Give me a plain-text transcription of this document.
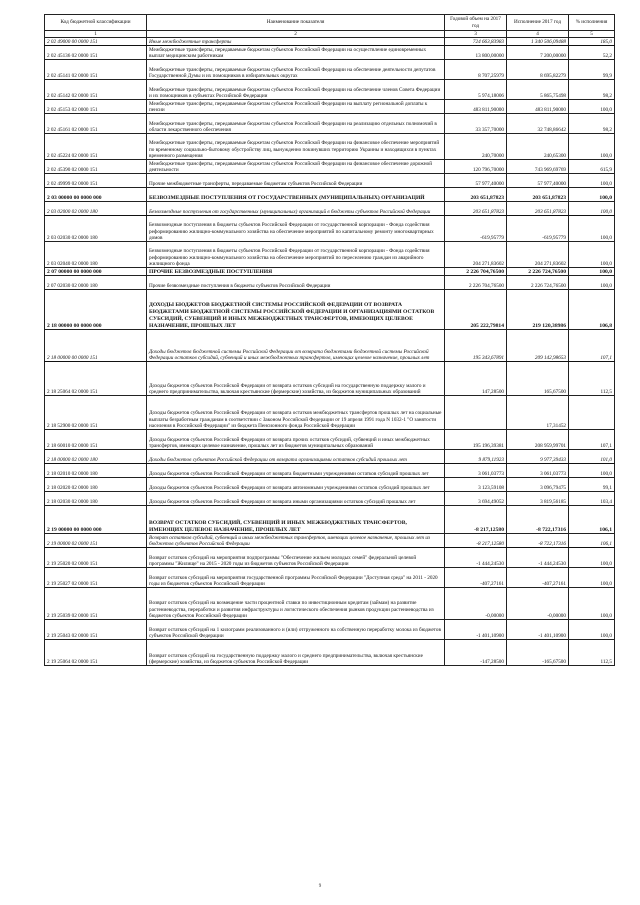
Код бюджетной классификации	Наименование показателя	Годовой объем на 2017 год	Исполнение 2017 год	% исполнения
1	2	3	4	5
2 02 49000 00 0000 151	Иные межбюджетные трансферты	724 663,83983	1 340 506,09488	185,0
2 02 45136 02 0000 151	Межбюджетные трансферты, передаваемые бюджетам субъектов Российской Федерации на осуществление единовременных выплат медицинским работникам	13 800,00000	7 200,00000	52,2
2 02 45141 02 0000 151	Межбюджетные трансферты, передаваемые бюджетам субъектов Российской Федерации на обеспечение деятельности депутатов Государственной Думы и их помощников в избирательных округах	8 707,25979	8 695,82279	99,9
2 02 45142 02 0000 151	Межбюджетные трансферты, передаваемые бюджетам субъектов Российской Федерации на обеспечение членов Совета Федерации и их помощников в субъектах Российской Федерации	5 974,18006	5 865,75498	98,2
2 02 45153 02 0000 151	Межбюджетные трансферты, передаваемые бюджетам субъектов Российской Федерации на выплату региональной доплаты к пенсии	483 811,90000	483 811,90000	100,0
2 02 45161 02 0000 151	Межбюджетные трансферты, передаваемые бюджетам субъектов Российской Федерации на реализацию отдельных полномочий в области лекарственного обеспечения	33 357,70000	32 748,86642	98,2
2 02 45224 02 0000 151	Межбюджетные трансферты, передаваемые бюджетам субъектов Российской Федерации на финансовое обеспечение мероприятий по временному социально-бытовому обустройству лиц, вынужденно покинувших территорию Украины и находящихся в пунктах временного размещения	240,70000	240,65300	100,0
2 02 45390 02 0000 151	Межбюджетные трансферты, передаваемые бюджетам субъектов Российской Федерации на финансовое обеспечение дорожной деятельности	120 796,70000	743 969,69769	615,9
2 02 49999 02 0000 151	Прочие межбюджетные трансферты, передаваемые бюджетам субъектов Российской Федерации	57 977,40000	57 977,40000	100,0
2 03 00000 00 0000 000	БЕЗВОЗМЕЗДНЫЕ ПОСТУПЛЕНИЯ ОТ ГОСУДАРСТВЕННЫХ (МУНИЦИПАЛЬНЫХ) ОРГАНИЗАЦИЙ	203 651,87823	203 651,87823	100,0
2 03 02000 02 0000 180	Безвозмездные поступления от государственных (муниципальных) организаций в бюджеты субъектов Российской Федерации	203 651,87823	203 651,87823	100,0
2 03 02030 02 0000 180	Безвозмездные поступления в бюджеты субъектов Российской Федерации от государственной корпорации - Фонда содействия реформированию жилищно-коммунального хозяйства на обеспечение мероприятий по капитальному ремонту многоквартирных домов	-619,95779	-619,95779	100,0
2 03 02040 02 0000 180	Безвозмездные поступления в бюджеты субъектов Российской Федерации от государственной корпорации - Фонда содействия реформированию жилищно-коммунального хозяйства на обеспечение мероприятий по переселению граждан из аварийного жилищного фонда	204 271,83602	204 271,83602	100,0
2 07 00000 00 0000 000	ПРОЧИЕ БЕЗВОЗМЕЗДНЫЕ ПОСТУПЛЕНИЯ	2 226 704,76500	2 226 724,76500	100,0
2 07 02030 02 0000 180	Прочие безвозмездные поступления в бюджеты субъектов Российской Федерации	2 226 704,76500	2 226 724,76500	100,0
2 18 00000 00 0000 000	ДОХОДЫ БЮДЖЕТОВ БЮДЖЕТНОЙ СИСТЕМЫ РОССИЙСКОЙ ФЕДЕРАЦИИ ОТ ВОЗВРАТА БЮДЖЕТАМИ БЮДЖЕТНОЙ СИСТЕМЫ РОССИЙСКОЙ ФЕДЕРАЦИИ И ОРГАНИЗАЦИЯМИ ОСТАТКОВ СУБСИДИЙ, СУБВЕНЦИЙ И ИНЫХ МЕЖБЮДЖЕТНЫХ ТРАНСФЕРТОВ, ИМЕЮЩИХ ЦЕЛЕВОЕ НАЗНАЧЕНИЕ, ПРОШЛЫХ ЛЕТ	205 222,79814	219 120,38986	106,8
2 18 00000 00 0000 151	Доходы бюджетов бюджетной системы Российской Федерации от возврата бюджетами бюджетной системы Российской Федерации остатков субсидий, субвенций и иных межбюджетных трансфертов, имеющих целевое назначение, прошлых лет	195 343,67891	209 142,98653	107,1
2 18 25064 02 0000 151	Доходы бюджетов субъектов Российской Федерации от возврата остатков субсидий на государственную поддержку малого и среднего предпринимательства, включая крестьянские (фермерские) хозяйства, из бюджетов муниципальных образований	147,28500	165,67500	112,5
2 18 52900 02 0000 151	Доходы бюджетов субъектов Российской Федерации от возврата остатков межбюджетных трансфертов прошлых лет на социальные выплаты безработным гражданам в соответствии с Законом Российской Федерации от 19 апреля 1991 года N 1032-1 "О занятости населения в Российской Федерации" из бюджета Пенсионного фонда Российской Федерации		17,31452	
2 18 60010 02 0000 151	Доходы бюджетов субъектов Российской Федерации от возврата прочих остатков субсидий, субвенций и иных межбюджетных трансфертов, имеющих целевое назначение, прошлых лет из бюджетов муниципальных образований	195 196,39381	208 959,99701	107,1
2 18 00000 02 0000 180	Доходы бюджетов субъектов Российской Федерации от возврата организациями остатков субсидий прошлых лет	9 879,11923	9 977,39433	101,0
2 18 02010 02 0000 180	Доходы бюджетов субъектов Российской Федерации от возврата бюджетными учреждениями остатков субсидий прошлых лет	3 061,03773	3 061,03773	100,0
2 18 02020 02 0000 180	Доходы бюджетов субъектов Российской Федерации от возврата автономными учреждениями остатков субсидий прошлых лет	3 123,59108	3 096,79475	99,1
2 18 02030 02 0000 180	Доходы бюджетов субъектов Российской Федерации от возврата иными организациями остатков субсидий прошлых лет	3 694,49052	3 819,56185	103,4
2 19 00000 00 0000 000	ВОЗВРАТ ОСТАТКОВ СУБСИДИЙ, СУБВЕНЦИЙ И ИНЫХ МЕЖБЮДЖЕТНЫХ ТРАНСФЕРТОВ, ИМЕЮЩИХ ЦЕЛЕВОЕ НАЗНАЧЕНИЕ, ПРОШЛЫХ ЛЕТ	-8 217,12580	-8 722,17316	106,1
2 19 00000 02 0000 151	Возврат остатков субсидий, субвенций и иных межбюджетных трансфертов, имеющих целевое назначение, прошлых лет из бюджетов субъектов Российской Федерации	-8 217,12580	-8 722,17316	106,1
2 19 25020 02 0000 151	Возврат остатков субсидий на мероприятия подпрограммы "Обеспечение жильем молодых семей" федеральной целевой программы "Жилище" на 2015 - 2020 годы из бюджетов субъектов Российской Федерации	-1 444,24530	-1 444,24530	100,0
2 19 25027 02 0000 151	Возврат остатков субсидий на мероприятия государственной программы Российской Федерации "Доступная среда" на 2011 - 2020 годы из бюджетов субъектов Российской Федерации	-407,27161	-407,27161	100,0
2 19 25039 02 0000 151	Возврат остатков субсидий на возмещение части процентной ставки по инвестиционным кредитам (займам) на развитие растениеводства, переработки и развития инфраструктуры и логистического обеспечения рынков продукции растениеводства из бюджетов субъектов Российской Федерации	-0,00000	-0,00000	100,0
2 19 25043 02 0000 151	Возврат остатков субсидий на 1 килограмм реализованного и (или) отгруженного на собственную переработку молока из бюджетов субъектов Российской Федерации	-1 401,10900	-1 401,10900	100,0
2 19 25064 02 0000 151	Возврат остатков субсидий на государственную поддержку малого и среднего предпринимательства, включая крестьянские (фермерские) хозяйства, из бюджетов субъектов Российской Федерации	-147,28500	-165,67500	112,5
9
